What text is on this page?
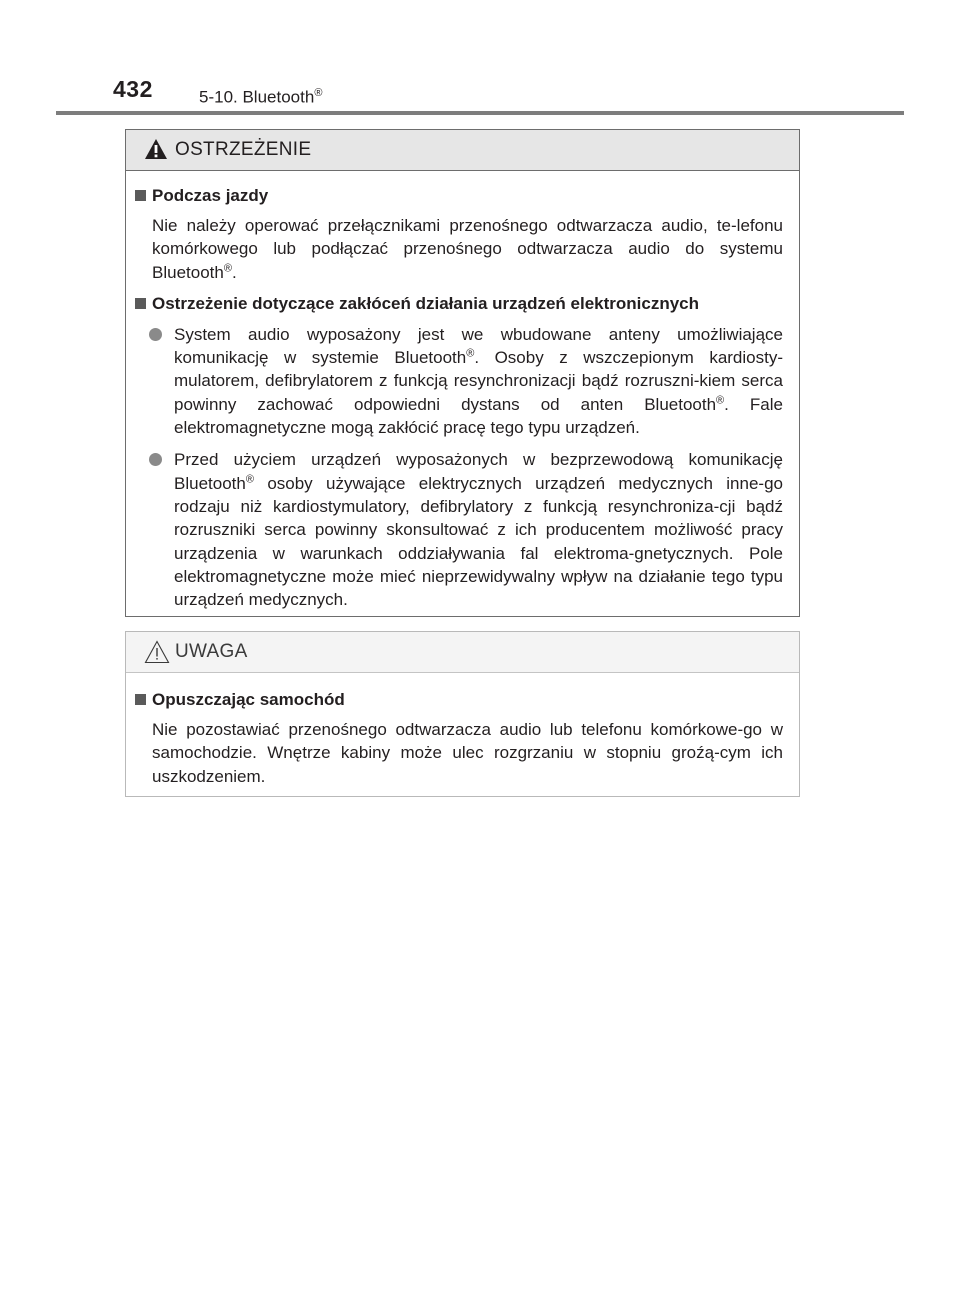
432	5-10. Bluetooth®
OSTRZEŻENIE
Podczas jazdy
Nie należy operować przełącznikami przenośnego odtwarzacza audio, te-lefonu komórkowego lub podłączać przenośnego odtwarzacza audio do systemu Bluetooth®.
Ostrzeżenie dotyczące zakłóceń działania urządzeń elektronicznych
System audio wyposażony jest we wbudowane anteny umożliwiające komunikację w systemie Bluetooth®. Osoby z wszczepionym kardiosty-mulatorem, defibrylatorem z funkcją resynchronizacji bądź rozruszni-kiem serca powinny zachować odpowiedni dystans od anten Bluetooth®. Fale elektromagnetyczne mogą zakłócić pracę tego typu urządzeń.
Przed użyciem urządzeń wyposażonych w bezprzewodową komunikację Bluetooth® osoby używające elektrycznych urządzeń medycznych inne-go rodzaju niż kardiostymulatory, defibrylatory z funkcją resynchroniza-cji bądź rozruszniki serca powinny skonsultować z ich producentem możliwość pracy urządzenia w warunkach oddziaływania fal elektroma-gnetycznych. Pole elektromagnetyczne może mieć nieprzewidywalny wpływ na działanie tego typu urządzeń medycznych.
UWAGA
Opuszczając samochód
Nie pozostawiać przenośnego odtwarzacza audio lub telefonu komórkowe-go w samochodzie. Wnętrze kabiny może ulec rozgrzaniu w stopniu groźą-cym ich uszkodzeniem.
